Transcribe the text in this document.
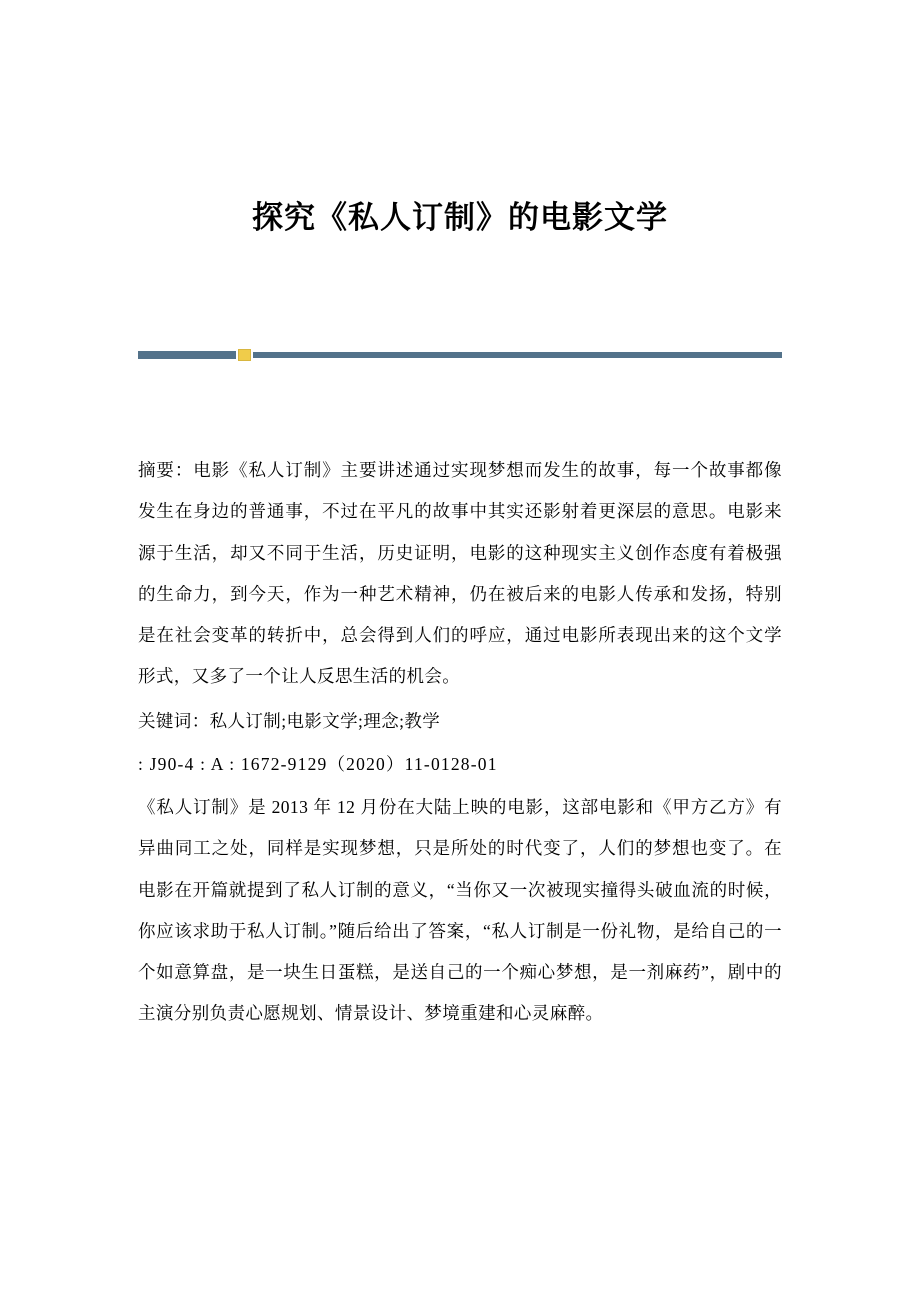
探究《私人订制》的电影文学

摘要：电影《私人订制》主要讲述通过实现梦想而发生的故事，每一个故事都像发生在身边的普通事，不过在平凡的故事中其实还影射着更深层的意思。电影来源于生活，却又不同于生活，历史证明，电影的这种现实主义创作态度有着极强的生命力，到今天，作为一种艺术精神，仍在被后来的电影人传承和发扬，特别是在社会变革的转折中，总会得到人们的呼应，通过电影所表现出来的这个文学形式，又多了一个让人反思生活的机会。

关键词：私人订制;电影文学;理念;教学

: J90-4 : A : 1672-9129（2020）11-0128-01

《私人订制》是 2013 年 12 月份在大陆上映的电影，这部电影和《甲方乙方》有异曲同工之处，同样是实现梦想，只是所处的时代变了，人们的梦想也变了。在电影在开篇就提到了私人订制的意义，“当你又一次被现实撞得头破血流的时候，你应该求助于私人订制。”随后给出了答案，“私人订制是一份礼物，是给自己的一个如意算盘，是一块生日蛋糕，是送自己的一个痴心梦想，是一剂麻药”，剧中的主演分别负责心愿规划、情景设计、梦境重建和心灵麻醉。
